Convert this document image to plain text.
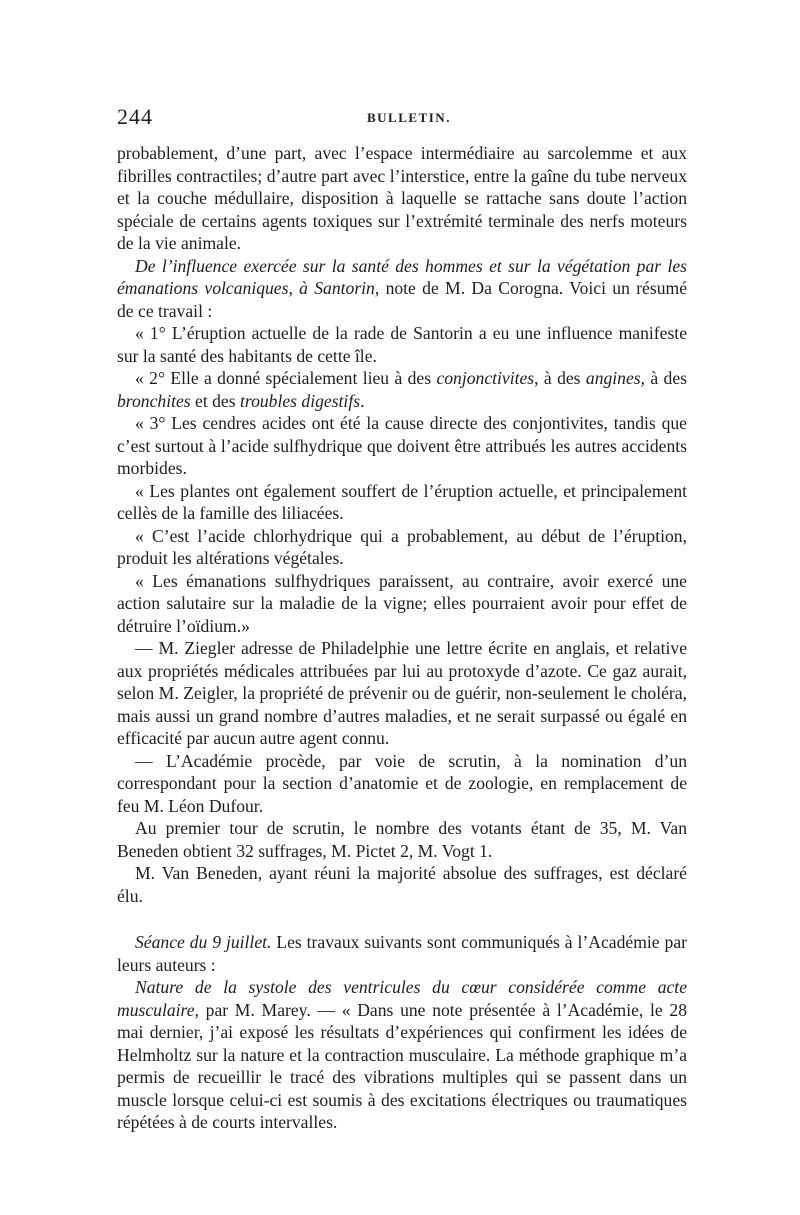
244	BULLETIN.

probablement, d’une part, avec l’espace intermédiaire au sarcolemme et aux fibrilles contractiles; d’autre part avec l’interstice, entre la gaîne du tube nerveux et la couche médullaire, disposition à laquelle se rattache sans doute l’action spéciale de certains agents toxiques sur l’extrémité terminale des nerfs moteurs de la vie animale.

De l’influence exercée sur la santé des hommes et sur la végétation par les émanations volcaniques, à Santorin, note de M. Da Corogna. Voici un résumé de ce travail :

« 1° L’éruption actuelle de la rade de Santorin a eu une influence manifeste sur la santé des habitants de cette île.

« 2° Elle a donné spécialement lieu à des conjonctivites, à des angines, à des bronchites et des troubles digestifs.

« 3° Les cendres acides ont été la cause directe des conjontivites, tandis que c’est surtout à l’acide sulfhydrique que doivent être attribués les autres accidents morbides.

« Les plantes ont également souffert de l’éruption actuelle, et principalement cellès de la famille des liliacées.

« C’est l’acide chlorhydrique qui a probablement, au début de l’éruption, produit les altérations végétales.

« Les émanations sulfhydriques paraissent, au contraire, avoir exercé une action salutaire sur la maladie de la vigne; elles pourraient avoir pour effet de détruire l’oïdium.»

— M. Ziegler adresse de Philadelphie une lettre écrite en anglais, et relative aux propriétés médicales attribuées par lui au protoxyde d’azote. Ce gaz aurait, selon M. Zeigler, la propriété de prévenir ou de guérir, non-seulement le choléra, mais aussi un grand nombre d’autres maladies, et ne serait surpassé ou égalé en efficacité par aucun autre agent connu.

— L’Académie procède, par voie de scrutin, à la nomination d’un correspondant pour la section d’anatomie et de zoologie, en remplacement de feu M. Léon Dufour.

Au premier tour de scrutin, le nombre des votants étant de 35, M. Van Beneden obtient 32 suffrages, M. Pictet 2, M. Vogt 1.

M. Van Beneden, ayant réuni la majorité absolue des suffrages, est déclaré élu.

Séance du 9 juillet. Les travaux suivants sont communiqués à l’Académie par leurs auteurs :

Nature de la systole des ventricules du cœur considérée comme acte musculaire, par M. Marey. — « Dans une note présentée à l’Académie, le 28 mai dernier, j’ai exposé les résultats d’expériences qui confirment les idées de Helmholtz sur la nature et la contraction musculaire. La méthode graphique m’a permis de recueillir le tracé des vibrations multiples qui se passent dans un muscle lorsque celui-ci est soumis à des excitations électriques ou traumatiques répétées à de courts intervalles.
